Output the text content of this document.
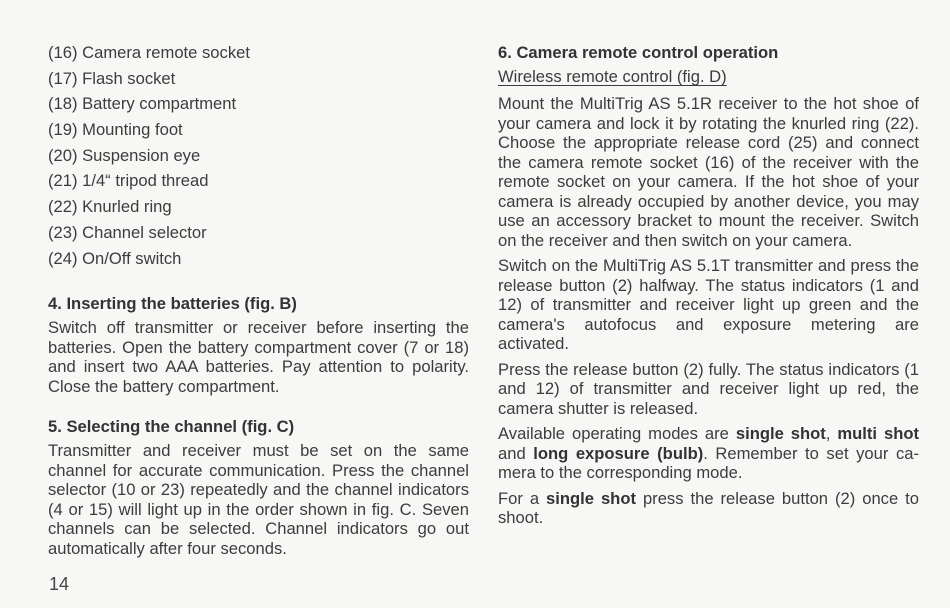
(16) Camera remote socket
(17) Flash socket
(18) Battery compartment
(19) Mounting foot
(20) Suspension eye
(21) 1/4“ tripod thread
(22) Knurled ring
(23) Channel selector
(24) On/Off switch
4. Inserting the batteries (fig. B)

Switch off transmitter or receiver before inserting the batteries. Open the battery compartment cover (7 or 18) and insert two AAA batteries. Pay attention to polarity. Close the battery compartment.

5. Selecting the channel (fig. C)

Transmitter and receiver must be set on the same channel for accurate communication. Press the channel selector (10 or 23) repeatedly and the channel indicators (4 or 15) will light up in the order shown in fig. C. Seven channels can be selected. Channel indicators go out automatically after four seconds.

6. Camera remote control operation
Wireless remote control (fig. D)

Mount the MultiTrig AS 5.1R receiver to the hot shoe of your camera and lock it by rotating the knurled ring (22). Choose the appropriate release cord (25) and connect the camera remote socket (16) of the receiver with the remote socket on your camera. If the hot shoe of your camera is already occupied by another device, you may use an accessory bracket to mount the receiver. Switch on the receiver and then switch on your camera.

Switch on the MultiTrig AS 5.1T transmitter and press the release button (2) halfway. The status indicators (1 and 12) of transmitter and receiver light up green and the camera's autofocus and exposure metering are activated.

Press the release button (2) fully. The status indicators (1 and 12) of transmitter and receiver light up red, the camera shutter is released.

Available operating modes are single shot, multi shot and long exposure (bulb). Remember to set your camera to the corresponding mode.

For a single shot press the release button (2) once to shoot.

14
